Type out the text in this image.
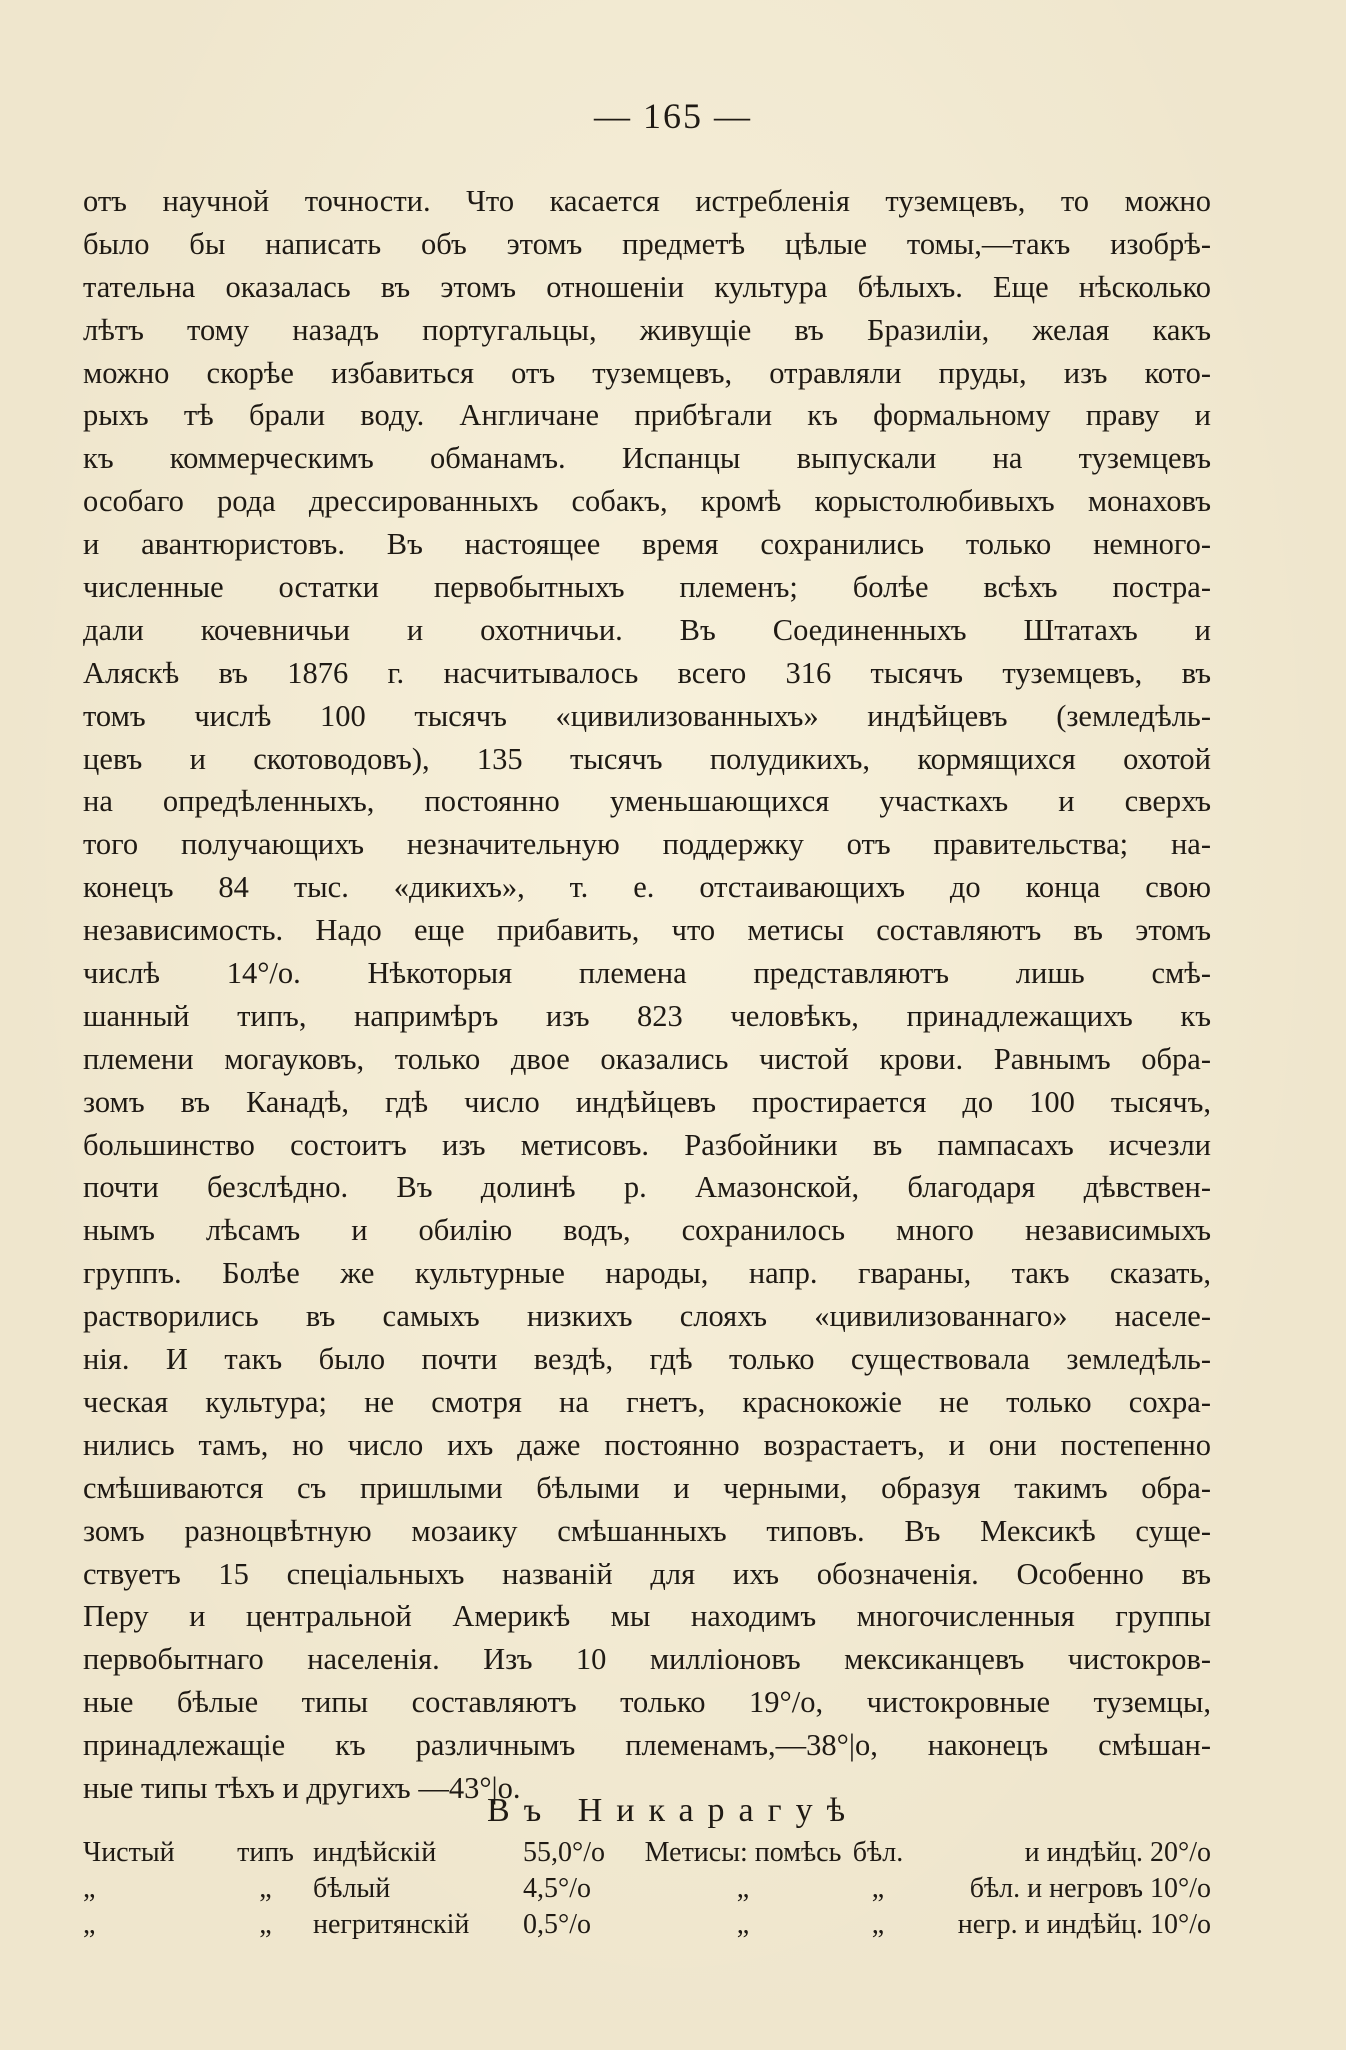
— 165 —
отъ научной точности. Что касается истребленія туземцевъ, то можно
было бы написать объ этомъ предметѣ цѣлые томы,—такъ изобрѣ-
тательна оказалась въ этомъ отношеніи культура бѣлыхъ. Еще нѣсколько
лѣтъ тому назадъ португальцы, живущіе въ Бразиліи, желая какъ
можно скорѣе избавиться отъ туземцевъ, отравляли пруды, изъ кото-
рыхъ тѣ брали воду. Англичане прибѣгали къ формальному праву и
къ коммерческимъ обманамъ. Испанцы выпускали на туземцевъ
особаго рода дрессированныхъ собакъ, кромѣ корыстолюбивыхъ монаховъ
и авантюристовъ. Въ настоящее время сохранились только немного-
численные остатки первобытныхъ племенъ; болѣе всѣхъ постра-
дали кочевничьи и охотничьи. Въ Соединенныхъ Штатахъ и
Аляскѣ въ 1876 г. насчитывалось всего 316 тысячъ туземцевъ, въ
томъ числѣ 100 тысячъ «цивилизованныхъ» индѣйцевъ (земледѣль-
цевъ и скотоводовъ), 135 тысячъ полудикихъ, кормящихся охотой
на опредѣленныхъ, постоянно уменьшающихся участкахъ и сверхъ
того получающихъ незначительную поддержку отъ правительства; на-
конецъ 84 тыс. «дикихъ», т. е. отстаивающихъ до конца свою
независимость. Надо еще прибавить, что метисы составляютъ въ этомъ
числѣ 14°/о. Нѣкоторыя племена представляютъ лишь смѣ-
шанный типъ, напримѣръ изъ 823 человѣкъ, принадлежащихъ къ
племени могауковъ, только двое оказались чистой крови. Равнымъ обра-
зомъ въ Канадѣ, гдѣ число индѣйцевъ простирается до 100 тысячъ,
большинство состоитъ изъ метисовъ. Разбойники въ пампасахъ исчезли
почти безслѣдно. Въ долинѣ р. Амазонской, благодаря дѣвствен-
нымъ лѣсамъ и обилію водъ, сохранилось много независимыхъ
группъ. Болѣе же культурные народы, напр. гвараны, такъ сказать,
растворились въ самыхъ низкихъ слояхъ «цивилизованнаго» населе-
нія. И такъ было почти вездѣ, гдѣ только существовала земледѣль-
ческая культура; не смотря на гнетъ, краснокожіе не только сохра-
нились тамъ, но число ихъ даже постоянно возрастаетъ, и они постепенно
смѣшиваются съ пришлыми бѣлыми и черными, образуя такимъ обра-
зомъ разноцвѣтную мозаику смѣшанныхъ типовъ. Въ Мексикѣ суще-
ствуетъ 15 спеціальныхъ названій для ихъ обозначенія. Особенно въ
Перу и центральной Америкѣ мы находимъ многочисленныя группы
первобытнаго населенія. Изъ 10 милліоновъ мексиканцевъ чистокров-
ные бѣлые типы составляютъ только 19°/о, чистокровные туземцы,
принадлежащіе къ различнымъ племенамъ,—38°|о, наконецъ смѣшан-
ные типы тѣхъ и другихъ —43°|о.
Въ Никарагуѣ
Чистый	типъ индѣйскій	55,0°/о	Метисы: помѣсь бѣл.	и индѣйц. 20°/о
„	„	бѣлый	4,5°/о	„	„	бѣл. и негровъ 10°/о
„	„	негритянскій	0,5°/о	„	„	негр. и индѣйц. 10°/о
